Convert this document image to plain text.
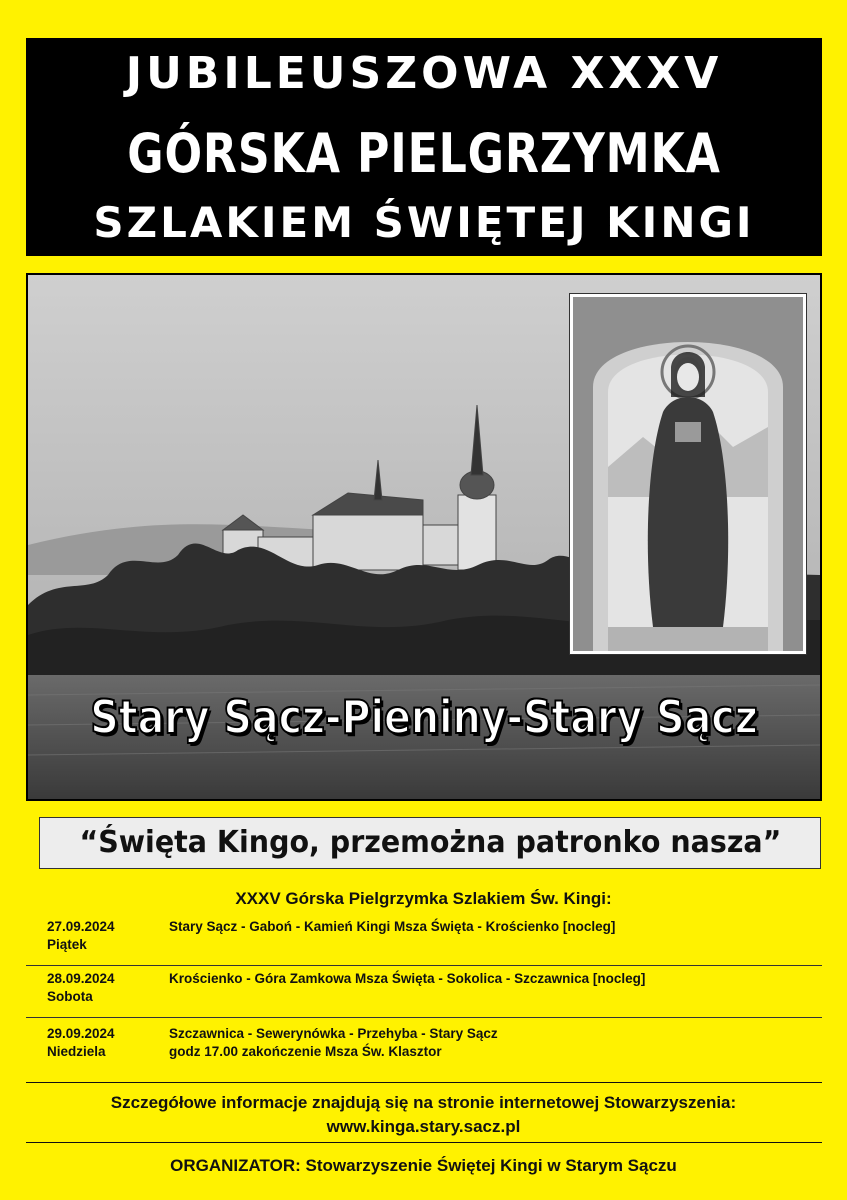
JUBILEUSZOWA XXXV
GÓRSKA PIELGRZYMKA
SZLAKIEM ŚWIĘTEJ KINGI
Stary Sącz-Pieniny-Stary Sącz
“Święta Kingo, przemożna patronko nasza”
XXXV Górska Pielgrzymka Szlakiem Św. Kingi:
27.09.2024
Piątek
Stary Sącz - Gaboń - Kamień Kingi Msza Święta - Krościenko [nocleg]
28.09.2024
Sobota
Krościenko - Góra Zamkowa Msza Święta - Sokolica - Szczawnica [nocleg]
29.09.2024
Niedziela
Szczawnica - Sewerynówka - Przehyba - Stary Sącz
godz 17.00 zakończenie Msza Św. Klasztor
Szczegółowe informacje znajdują się na stronie internetowej Stowarzyszenia:
www.kinga.stary.sacz.pl
ORGANIZATOR: Stowarzyszenie Świętej Kingi w Starym Sączu
